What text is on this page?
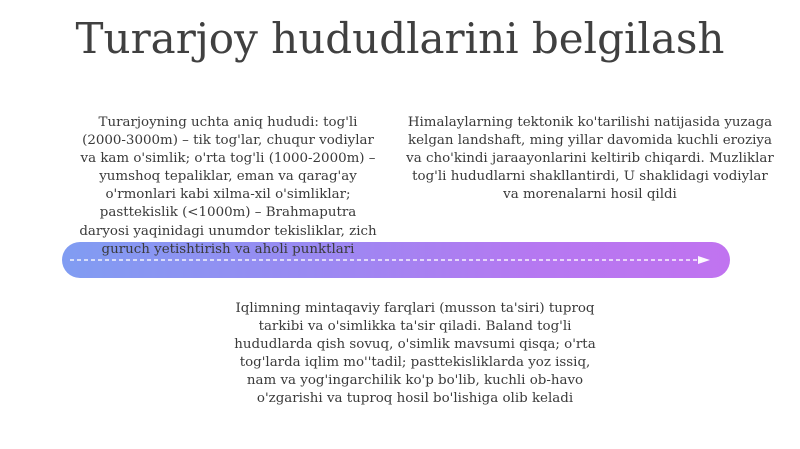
Turarjoy hududlarini belgilash
Himalaylarning tektonik ko'tarilishi natijasida yuzaga kelgan landshaft, ming yillar davomida kuchli eroziya va cho'kindi jaraayonlarini keltirib chiqardi. Muzliklar tog'li hududlarni shakllantirdi, U shaklidagi vodiylar va morenalarni hosil qildi
Turarjoyning uchta aniq hududi: tog'li (2000-3000m) – tik tog'lar, chuqur vodiylar va kam o'simlik; o'rta tog'li (1000-2000m) – yumshoq tepaliklar, eman va qarag'ay o'rmonlari kabi xilma-xil o'simliklar; pasttekislik (<1000m) – Brahmaputra daryosi yaqinidagi unumdor tekisliklar, zich guruch yetishtirish va aholi punktlari
Iqlimning mintaqaviy farqlari (musson ta'siri) tuproq tarkibi va o'simlikka ta'sir qiladi. Baland tog'li hududlarda qish sovuq, o'simlik mavsumi qisqa; o'rta tog'larda iqlim mo''tadil; pasttekisliklarda yoz issiq, nam va yog'ingarchilik ko'p bo'lib, kuchli ob-havo o'zgarishi va tuproq hosil bo'lishiga olib keladi
